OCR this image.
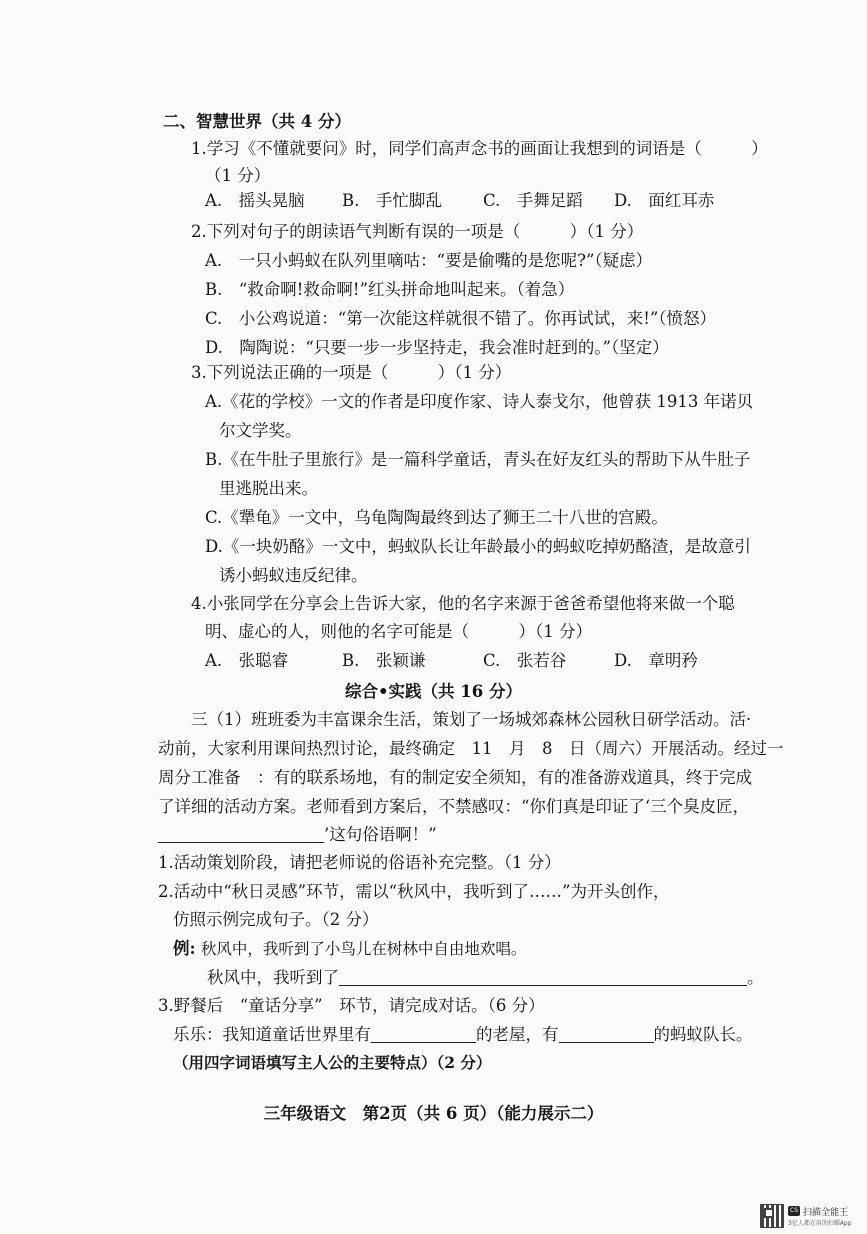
二、智慧世界（共 4 分）
1.学习《不懂就要问》时，同学们高声念书的画面让我想到的词语是（　　　）
（1 分）
A.　摇头晃脑 B.　手忙脚乱 C.　手舞足蹈 D.　面红耳赤
2.下列对句子的朗读语气判断有误的一项是（　　　）（1 分）
A.　一只小蚂蚁在队列里嘀咕：“要是偷嘴的是您呢?”（疑虑）
B.　“救命啊!救命啊!”红头拼命地叫起来。（着急）
C.　小公鸡说道：“第一次能这样就很不错了。你再试试，来!”（愤怒）
D.　陶陶说：“只要一步一步坚持走，我会准时赶到的。”（坚定）
3.下列说法正确的一项是（　　　）（1 分）
A.《花的学校》一文的作者是印度作家、诗人泰戈尔，他曾获 1913 年诺贝
尔文学奖。
B.《在牛肚子里旅行》是一篇科学童话，青头在好友红头的帮助下从牛肚子
里逃脱出来。
C.《犟龟》一文中，乌龟陶陶最终到达了狮王二十八世的宫殿。
D.《一块奶酪》一文中，蚂蚁队长让年龄最小的蚂蚁吃掉奶酪渣，是故意引
诱小蚂蚁违反纪律。
4.小张同学在分享会上告诉大家，他的名字来源于爸爸希望他将来做一个聪
明、虚心的人，则他的名字可能是（　　　）（1 分）
A.　张聪睿	B.　张颖谦	C.　张若谷	D.　章明矜
综合•实践（共 16 分）
三（1）班班委为丰富课余生活，策划了一场城郊森林公园秋日研学活动。活·
动前，大家利用课间热烈讨论，最终确定　11　月　8　日（周六）开展活动。经过一
周分工准备　：有的联系场地，有的制定安全须知，有的准备游戏道具，终于完成
了详细的活动方案。老师看到方案后，不禁感叹：“你们真是印证了‘三个臭皮匠，
’这句俗语啊！”
1.活动策划阶段，请把老师说的俗语补充完整。（1 分）
2.活动中“秋日灵感”环节，需以“秋风中，我听到了……”为开头创作，
仿照示例完成句子。（2 分）
例: 秋风中，我听到了小鸟儿在树林中自由地欢唱。
秋风中，我听到了	。
3.野餐后　“童话分享”　环节，请完成对话。（6 分）
乐乐：我知道童话世界里有	的老屋，有	的蚂蚁队长。
（用四字词语填写主人公的主要特点）（2 分）
三年级语文　第2页（共 6 页）（能力展示二）
CS 扫描全能王
3亿人都在用的扫描App
